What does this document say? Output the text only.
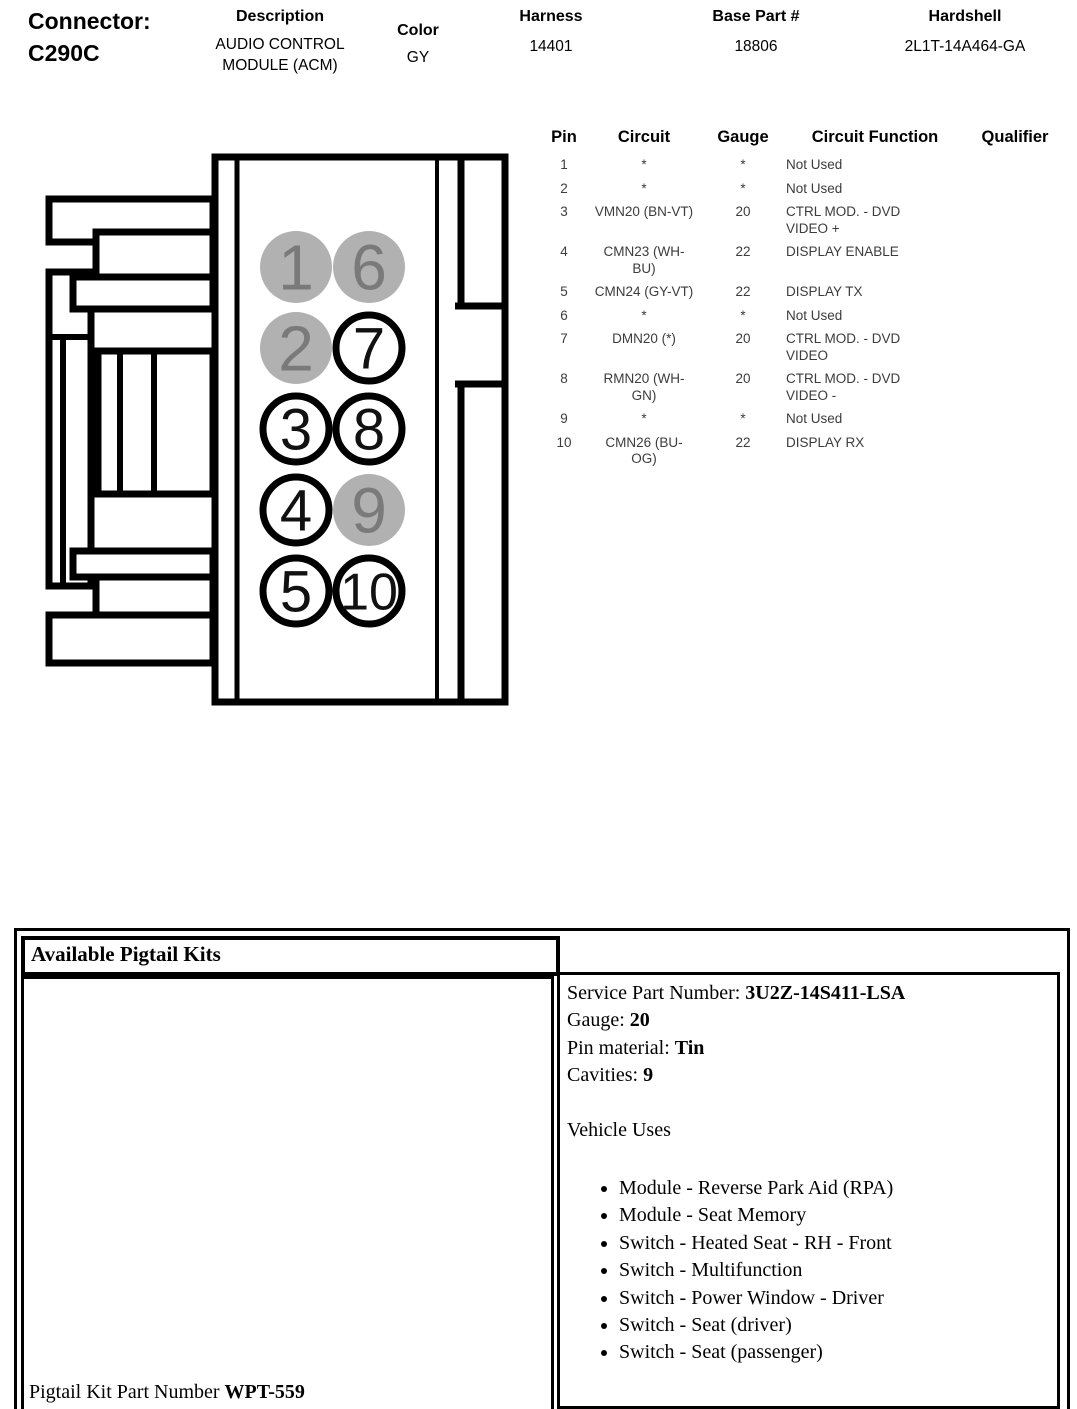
Connector:
C290C
Description
AUDIO CONTROL MODULE (ACM)
Color
GY
Harness
14401
Base Part #
18806
Hardshell
2L1T-14A464-GA
1
2
6
9
3
4
5
7
8
10
Pin	Circuit	Gauge	Circuit Function	Qualifier
1	*	*	Not Used	
2	*	*	Not Used	
3	VMN20 (BN-VT)	20	CTRL MOD. - DVD VIDEO +	
4	CMN23 (WH-BU)	22	DISPLAY ENABLE	
5	CMN24 (GY-VT)	22	DISPLAY TX	
6	*	*	Not Used	
7	DMN20 (*)	20	CTRL MOD. - DVD VIDEO	
8	RMN20 (WH-GN)	20	CTRL MOD. - DVD VIDEO -	
9	*	*	Not Used	
10	CMN26 (BU-OG)	22	DISPLAY RX	
Available Pigtail Kits
Pigtail Kit Part Number WPT-559
Service Part Number: 3U2Z-14S411-LSA
Gauge: 20
Pin material: Tin
Cavities: 9
Vehicle Uses
• Module - Reverse Park Aid (RPA)
• Module - Seat Memory
• Switch - Heated Seat - RH - Front
• Switch - Multifunction
• Switch - Power Window - Driver
• Switch - Seat (driver)
• Switch - Seat (passenger)
